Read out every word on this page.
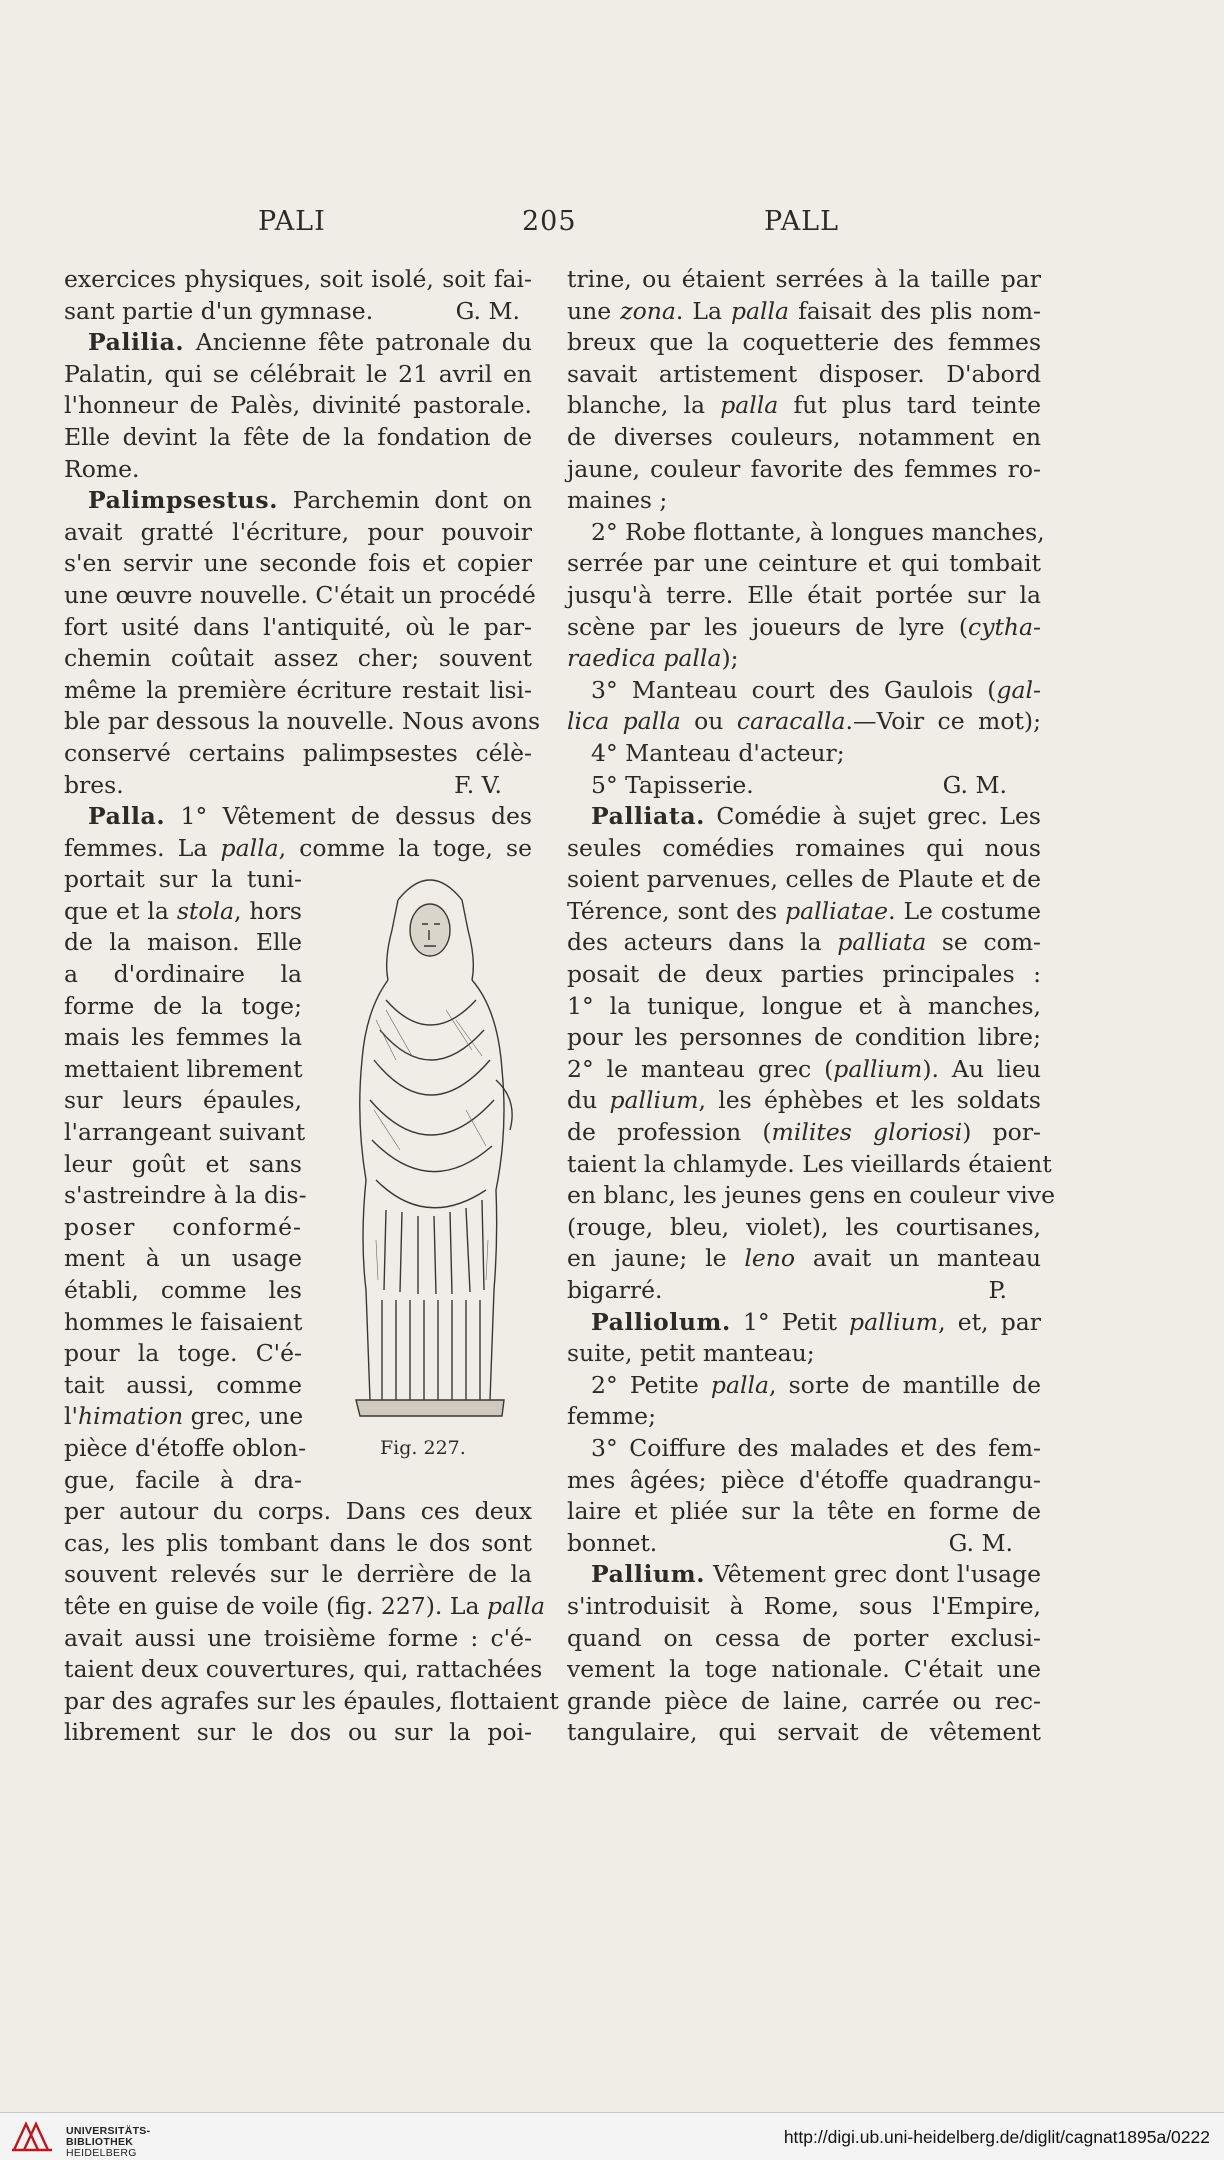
PALI	205	PALL
exercices physiques, soit isolé, soit fai-
sant partie d'un gymnase.	G. M.
Palilia. Ancienne fête patronale du
Palatin, qui se célébrait le 21 avril en
l'honneur de Palès, divinité pastorale.
Elle devint la fête de la fondation de
Rome.
Palimpsestus. Parchemin dont on
avait gratté l'écriture, pour pouvoir
s'en servir une seconde fois et copier
une œuvre nouvelle. C'était un procédé
fort usité dans l'antiquité, où le par-
chemin coûtait assez cher; souvent
même la première écriture restait lisi-
ble par dessous la nouvelle. Nous avons
conservé certains palimpsestes célè-
bres.	F. V.
Palla. 1° Vêtement de dessus des
femmes. La palla, comme la toge, se
portait sur la tuni-
que et la stola, hors
de la maison. Elle
a d'ordinaire la
forme de la toge;
mais les femmes la
mettaient librement
sur leurs épaules,
l'arrangeant suivant
leur goût et sans
s'astreindre à la dis-
poser conformé-
ment à un usage
établi, comme les
hommes le faisaient
pour la toge. C'é-
tait aussi, comme
l'himation grec, une
pièce d'étoffe oblon-
gue, facile à dra-
per autour du corps. Dans ces deux
cas, les plis tombant dans le dos sont
souvent relevés sur le derrière de la
tête en guise de voile (fig. 227). La palla
avait aussi une troisième forme : c'é-
taient deux couvertures, qui, rattachées
par des agrafes sur les épaules, flottaient
librement sur le dos ou sur la poi-
Fig. 227.
trine, ou étaient serrées à la taille par
une zona. La palla faisait des plis nom-
breux que la coquetterie des femmes
savait artistement disposer. D'abord
blanche, la palla fut plus tard teinte
de diverses couleurs, notamment en
jaune, couleur favorite des femmes ro-
maines ;
2° Robe flottante, à longues manches,
serrée par une ceinture et qui tombait
jusqu'à terre. Elle était portée sur la
scène par les joueurs de lyre (cytha-
raedica palla);
3° Manteau court des Gaulois (gal-
lica palla ou caracalla.—Voir ce mot);
4° Manteau d'acteur;
5° Tapisserie.	G. M.
Palliata. Comédie à sujet grec. Les
seules comédies romaines qui nous
soient parvenues, celles de Plaute et de
Térence, sont des palliatae. Le costume
des acteurs dans la palliata se com-
posait de deux parties principales :
1° la tunique, longue et à manches,
pour les personnes de condition libre;
2° le manteau grec (pallium). Au lieu
du pallium, les éphèbes et les soldats
de profession (milites gloriosi) por-
taient la chlamyde. Les vieillards étaient
en blanc, les jeunes gens en couleur vive
(rouge, bleu, violet), les courtisanes,
en jaune; le leno avait un manteau
bigarré.	P.
Palliolum. 1° Petit pallium, et, par
suite, petit manteau;
2° Petite palla, sorte de mantille de
femme;
3° Coiffure des malades et des fem-
mes âgées; pièce d'étoffe quadrangu-
laire et pliée sur la tête en forme de
bonnet.	G. M.
Pallium. Vêtement grec dont l'usage
s'introduisit à Rome, sous l'Empire,
quand on cessa de porter exclusi-
vement la toge nationale. C'était une
grande pièce de laine, carrée ou rec-
tangulaire, qui servait de vêtement
UNIVERSITÄTS-
BIBLIOTHEK
HEIDELBERG
http://digi.ub.uni-heidelberg.de/diglit/cagnat1895a/0222
